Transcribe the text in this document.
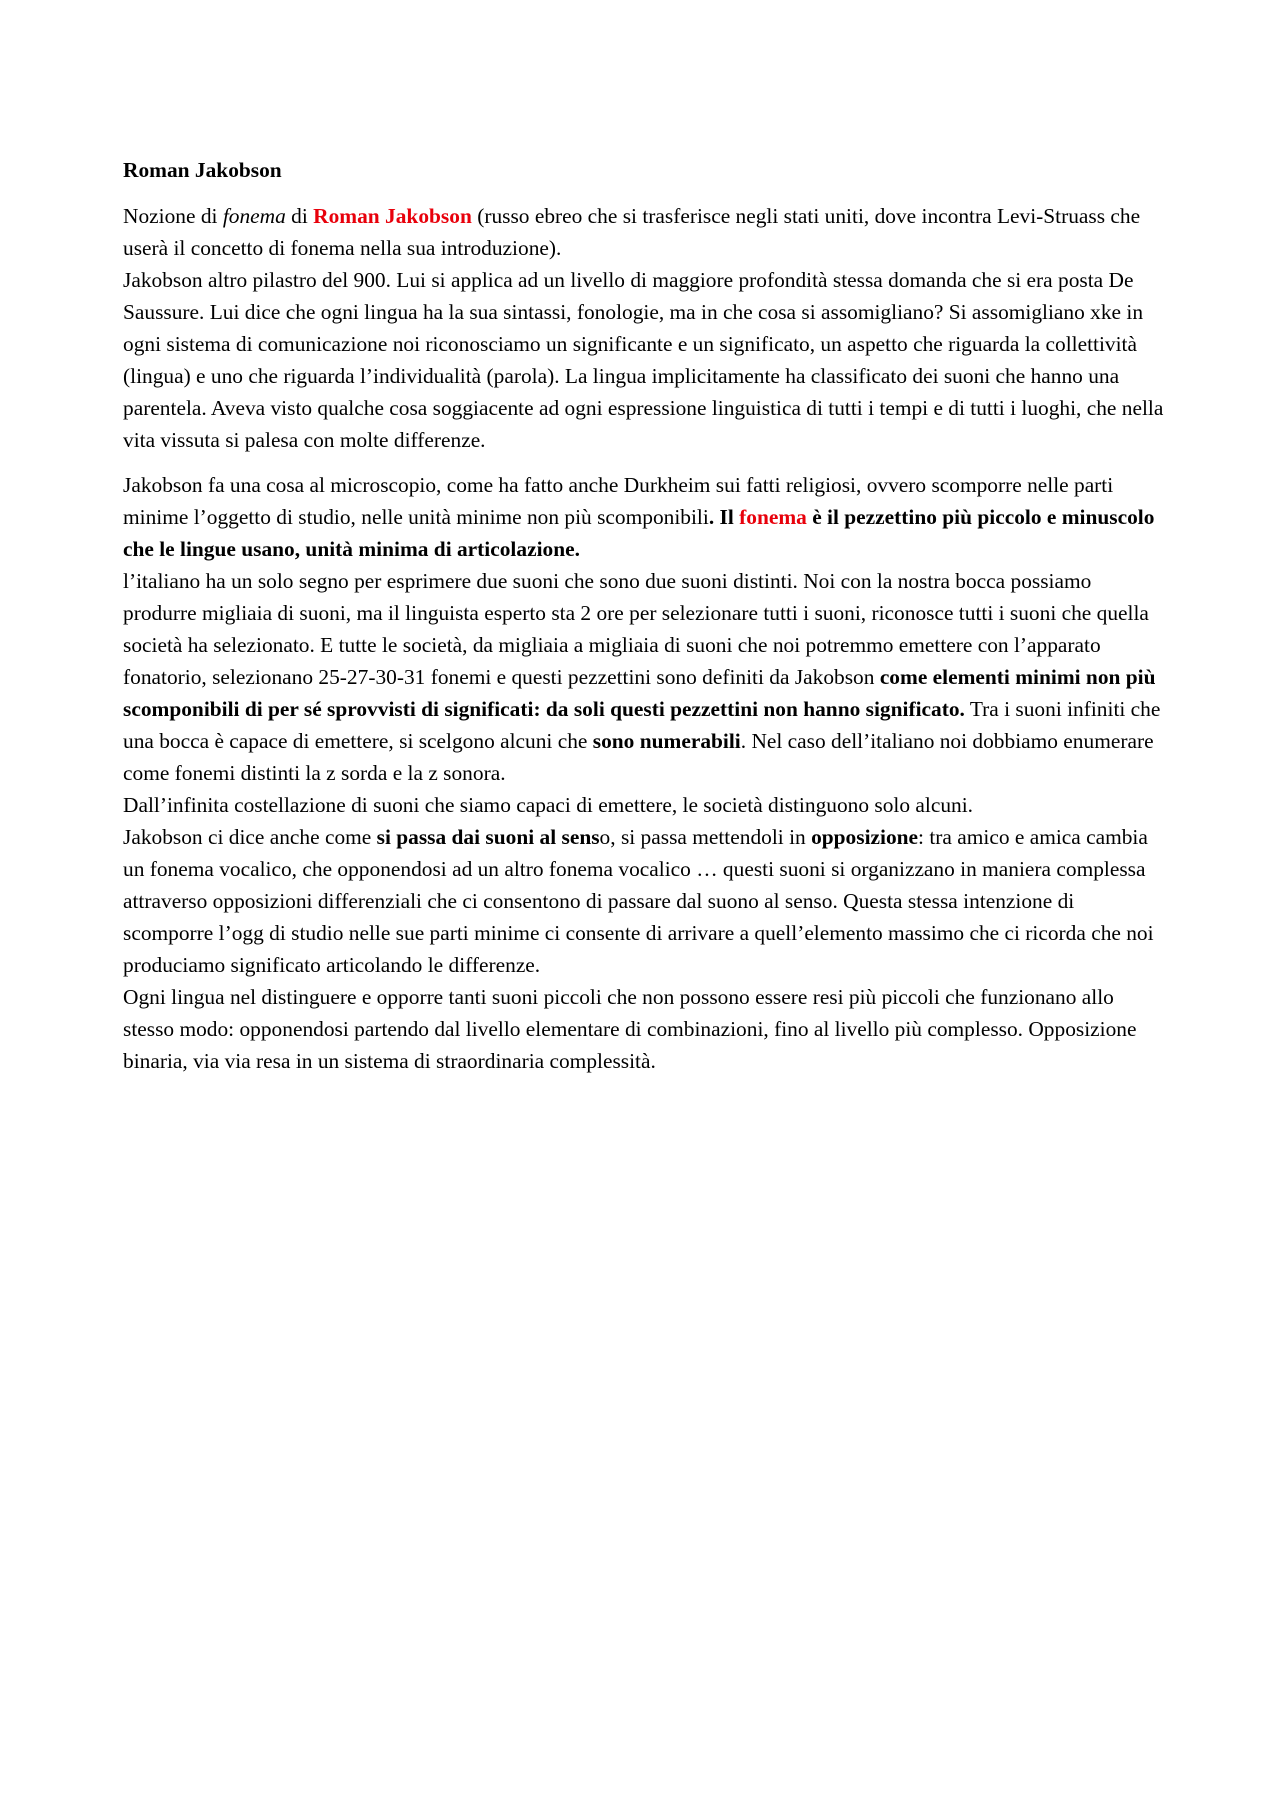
Roman Jakobson

Nozione di fonema di Roman Jakobson (russo ebreo che si trasferisce negli stati uniti, dove incontra Levi-Struass che userà il concetto di fonema nella sua introduzione).

Jakobson altro pilastro del 900. Lui si applica ad un livello di maggiore profondità stessa domanda che si era posta De Saussure. Lui dice che ogni lingua ha la sua sintassi, fonologie, ma in che cosa si assomigliano? Si assomigliano xke in ogni sistema di comunicazione noi riconosciamo un significante e un significato, un aspetto che riguarda la collettività (lingua) e uno che riguarda l’individualità (parola). La lingua implicitamente ha classificato dei suoni che hanno una parentela. Aveva visto qualche cosa soggiacente ad ogni espressione linguistica di tutti i tempi e di tutti i luoghi, che nella vita vissuta si palesa con molte differenze.

Jakobson fa una cosa al microscopio, come ha fatto anche Durkheim sui fatti religiosi, ovvero scomporre nelle parti minime l’oggetto di studio, nelle unità minime non più scomponibili. Il fonema è il pezzettino più piccolo e minuscolo che le lingue usano, unità minima di articolazione.

l’italiano ha un solo segno per esprimere due suoni che sono due suoni distinti. Noi con la nostra bocca possiamo produrre migliaia di suoni, ma il linguista esperto sta 2 ore per selezionare tutti i suoni, riconosce tutti i suoni che quella società ha selezionato. E tutte le società, da migliaia a migliaia di suoni che noi potremmo emettere con l’apparato fonatorio, selezionano 25-27-30-31 fonemi e questi pezzettini sono definiti da Jakobson come elementi minimi non più scomponibili di per sé sprovvisti di significati: da soli questi pezzettini non hanno significato. Tra i suoni infiniti che una bocca è capace di emettere, si scelgono alcuni che sono numerabili. Nel caso dell’italiano noi dobbiamo enumerare come fonemi distinti la z sorda e la z sonora.

Dall’infinita costellazione di suoni che siamo capaci di emettere, le società distinguono solo alcuni.

Jakobson ci dice anche come si passa dai suoni al senso, si passa mettendoli in opposizione: tra amico e amica cambia un fonema vocalico, che opponendosi ad un altro fonema vocalico … questi suoni si organizzano in maniera complessa attraverso opposizioni differenziali che ci consentono di passare dal suono al senso. Questa stessa intenzione di scomporre l’ogg di studio nelle sue parti minime ci consente di arrivare a quell’elemento massimo che ci ricorda che noi produciamo significato articolando le differenze.

Ogni lingua nel distinguere e opporre tanti suoni piccoli che non possono essere resi più piccoli che funzionano allo stesso modo: opponendosi partendo dal livello elementare di combinazioni, fino al livello più complesso. Opposizione binaria, via via resa in un sistema di straordinaria complessità.
